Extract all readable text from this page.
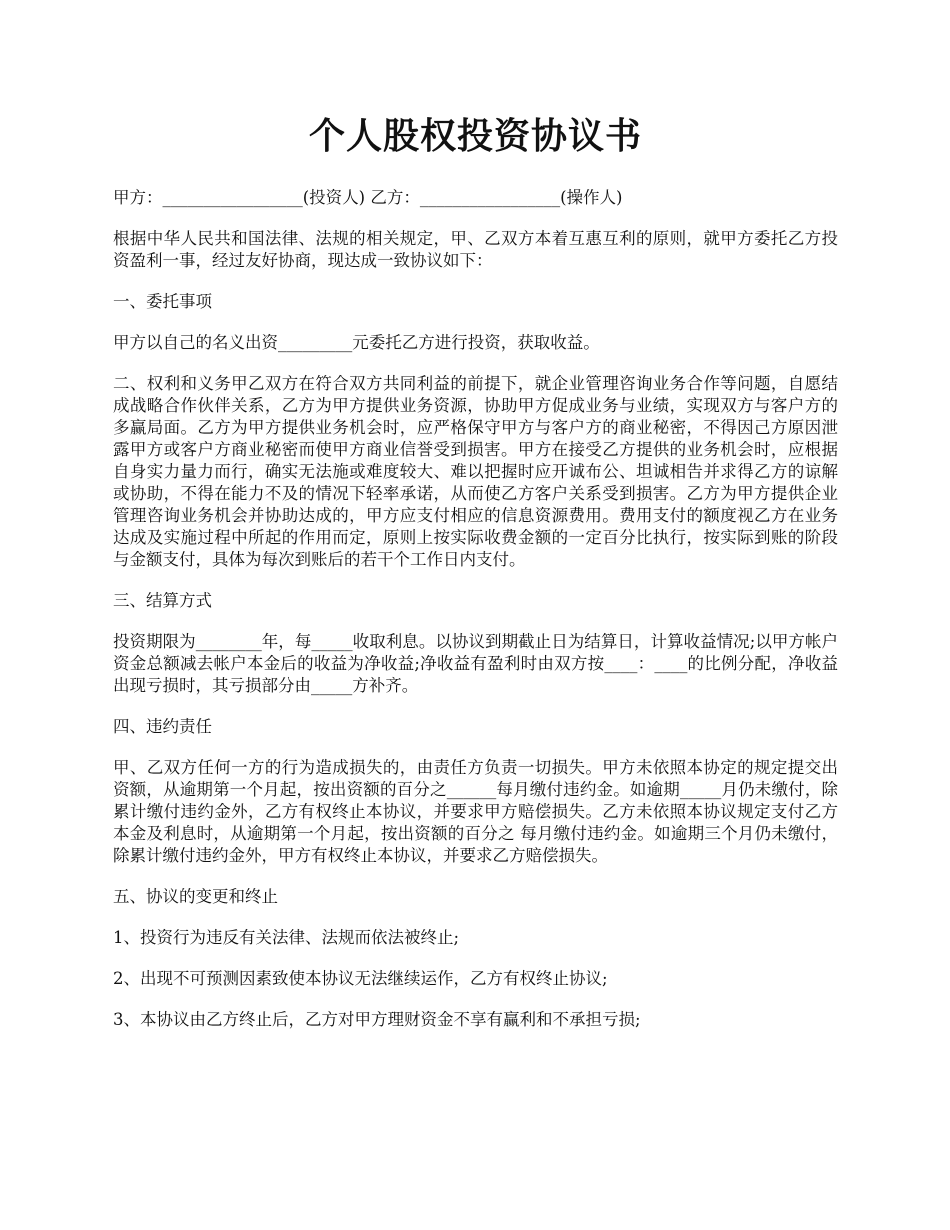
个人股权投资协议书

甲方：_________________(投资人) 乙方：_________________(操作人)

根据中华人民共和国法律、法规的相关规定，甲、乙双方本着互惠互利的原则，就甲方委托乙方投资盈利一事，经过友好协商，现达成一致协议如下：

一、委托事项

甲方以自己的名义出资_________元委托乙方进行投资，获取收益。

二、权利和义务甲乙双方在符合双方共同利益的前提下，就企业管理咨询业务合作等问题，自愿结成战略合作伙伴关系，乙方为甲方提供业务资源，协助甲方促成业务与业绩，实现双方与客户方的多赢局面。乙方为甲方提供业务机会时，应严格保守甲方与客户方的商业秘密，不得因己方原因泄露甲方或客户方商业秘密而使甲方商业信誉受到损害。甲方在接受乙方提供的业务机会时，应根据自身实力量力而行，确实无法施或难度较大、难以把握时应开诚布公、坦诚相告并求得乙方的谅解或协助，不得在能力不及的情况下轻率承诺，从而使乙方客户关系受到损害。乙方为甲方提供企业管理咨询业务机会并协助达成的，甲方应支付相应的信息资源费用。费用支付的额度视乙方在业务达成及实施过程中所起的作用而定，原则上按实际收费金额的一定百分比执行，按实际到账的阶段与金额支付，具体为每次到账后的若干个工作日内支付。

三、结算方式

投资期限为________年，每_____收取利息。以协议到期截止日为结算日，计算收益情况;以甲方帐户资金总额减去帐户本金后的收益为净收益;净收益有盈利时由双方按____：____的比例分配，净收益出现亏损时，其亏损部分由_____方补齐。

四、违约责任

甲、乙双方任何一方的行为造成损失的，由责任方负责一切损失。甲方未依照本协定的规定提交出资额，从逾期第一个月起，按出资额的百分之______每月缴付违约金。如逾期_____月仍未缴付，除累计缴付违约金外，乙方有权终止本协议，并要求甲方赔偿损失。乙方未依照本协议规定支付乙方本金及利息时，从逾期第一个月起，按出资额的百分之 每月缴付违约金。如逾期三个月仍未缴付，除累计缴付违约金外，甲方有权终止本协议，并要求乙方赔偿损失。

五、协议的变更和终止

1、投资行为违反有关法律、法规而依法被终止;

2、出现不可预测因素致使本协议无法继续运作，乙方有权终止协议;

3、本协议由乙方终止后，乙方对甲方理财资金不享有赢利和不承担亏损;
